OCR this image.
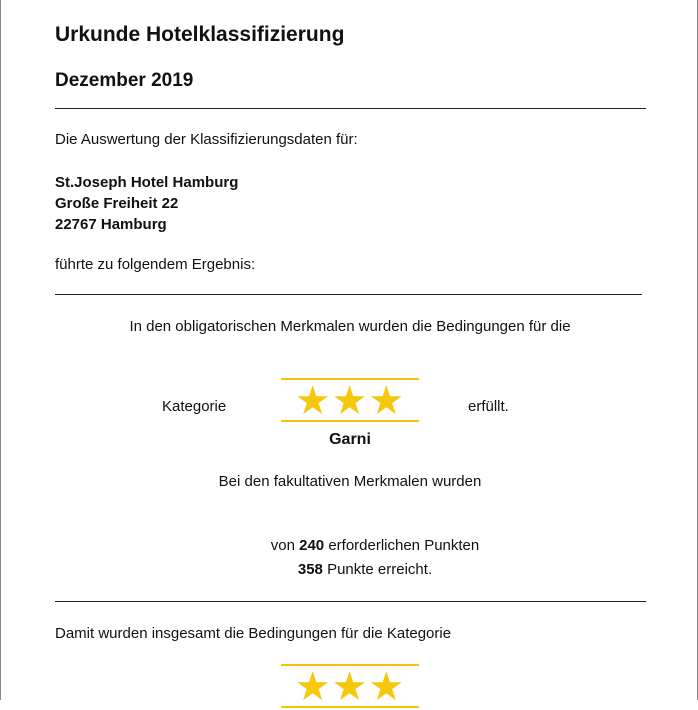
Urkunde Hotelklassifizierung
Dezember 2019
Die Auswertung der Klassifizierungsdaten für:
St.Joseph Hotel Hamburg
Große Freiheit 22
22767 Hamburg
führte zu folgendem Ergebnis:
In den obligatorischen Merkmalen wurden die Bedingungen für die
Kategorie	★★★	erfüllt.
Garni
Bei den fakultativen Merkmalen wurden
von 240 erforderlichen Punkten
358 Punkte erreicht.
Damit wurden insgesamt die Bedingungen für die Kategorie
★★★
